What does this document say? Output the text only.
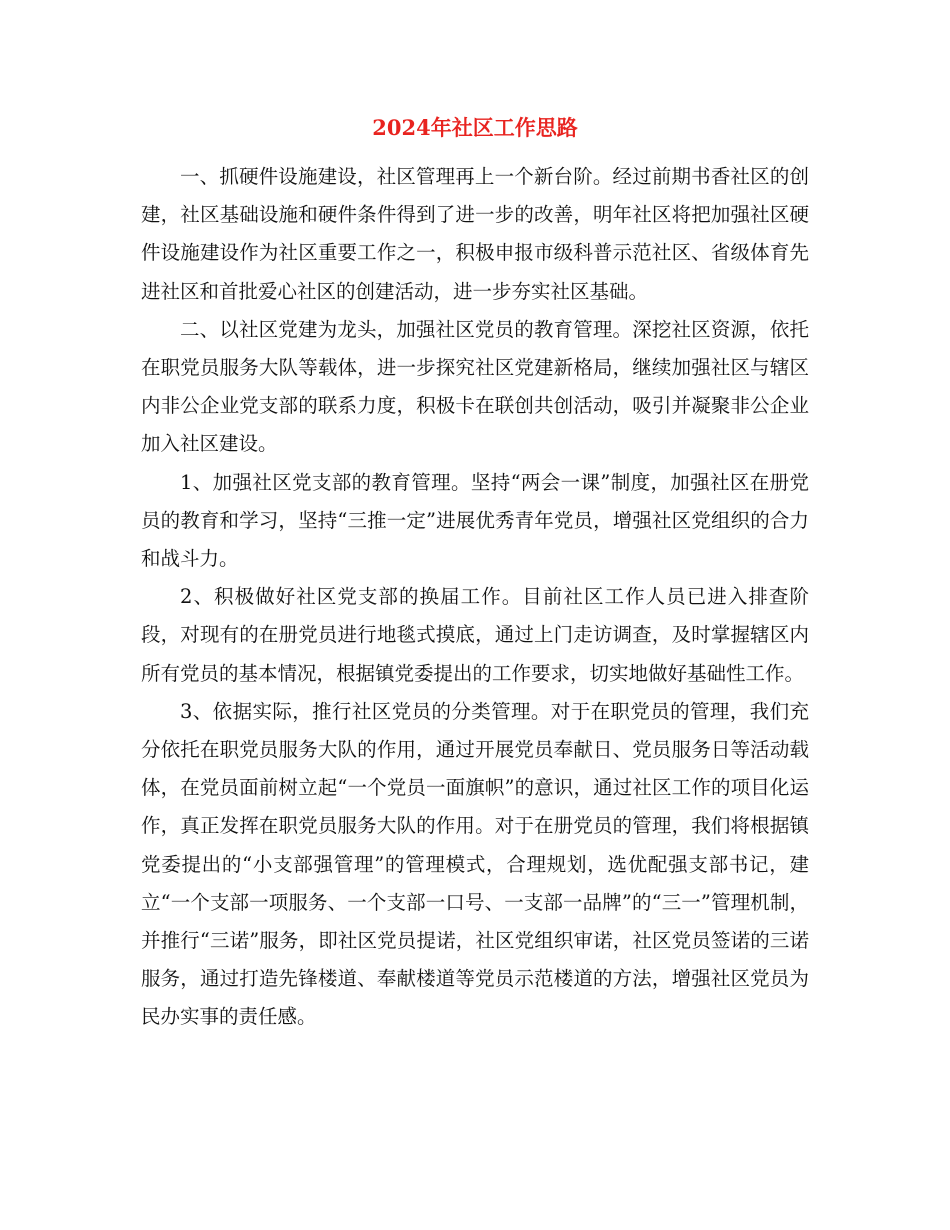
2024年社区工作思路

一、抓硬件设施建设，社区管理再上一个新台阶。经过前期书香社区的创建，社区基础设施和硬件条件得到了进一步的改善，明年社区将把加强社区硬件设施建设作为社区重要工作之一，积极申报市级科普示范社区、省级体育先进社区和首批爱心社区的创建活动，进一步夯实社区基础。

二、以社区党建为龙头，加强社区党员的教育管理。深挖社区资源，依托在职党员服务大队等载体，进一步探究社区党建新格局，继续加强社区与辖区内非公企业党支部的联系力度，积极卡在联创共创活动，吸引并凝聚非公企业加入社区建设。

1、加强社区党支部的教育管理。坚持“两会一课”制度，加强社区在册党员的教育和学习，坚持“三推一定”进展优秀青年党员，增强社区党组织的合力和战斗力。

2、积极做好社区党支部的换届工作。目前社区工作人员已进入排查阶段，对现有的在册党员进行地毯式摸底，通过上门走访调查，及时掌握辖区内所有党员的基本情况，根据镇党委提出的工作要求，切实地做好基础性工作。

3、依据实际，推行社区党员的分类管理。对于在职党员的管理，我们充分依托在职党员服务大队的作用，通过开展党员奉献日、党员服务日等活动载体，在党员面前树立起“一个党员一面旗帜”的意识，通过社区工作的项目化运作，真正发挥在职党员服务大队的作用。对于在册党员的管理，我们将根据镇党委提出的“小支部强管理”的管理模式，合理规划，选优配强支部书记，建立“一个支部一项服务、一个支部一口号、一支部一品牌”的“三一”管理机制，并推行“三诺”服务，即社区党员提诺，社区党组织审诺，社区党员签诺的三诺服务，通过打造先锋楼道、奉献楼道等党员示范楼道的方法，增强社区党员为民办实事的责任感。
